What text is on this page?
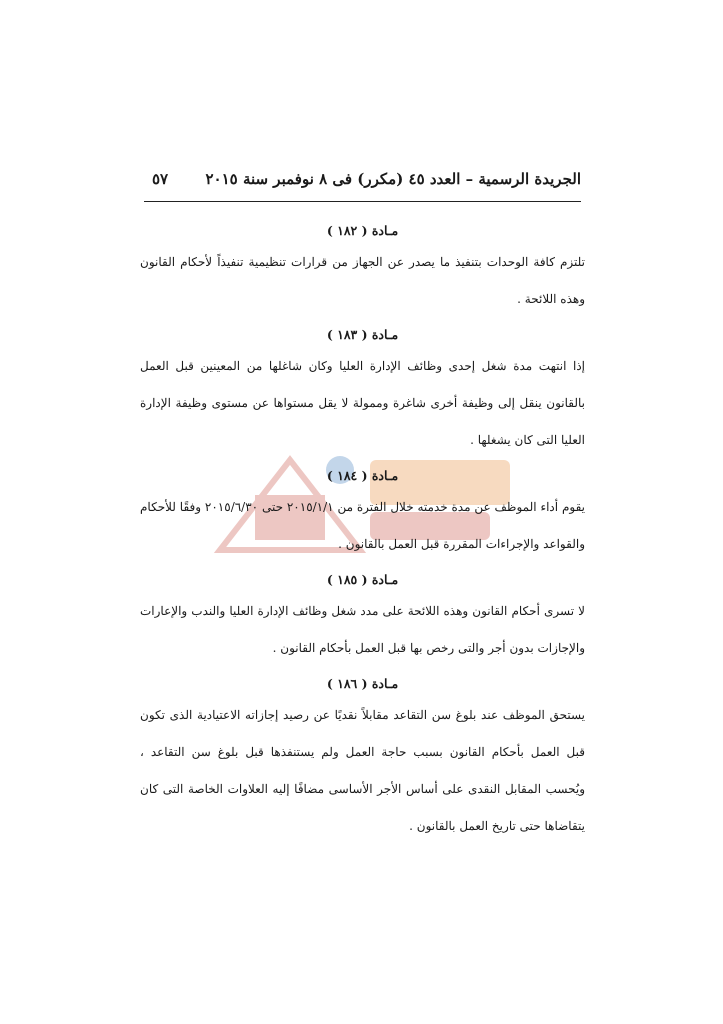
الجريدة الرسمية – العدد ٤٥ (مكرر) فى ٨ نوفمبر سنة ٢٠١٥
٥٧

مـادة ( ١٨٢ )

تلتزم كافة الوحدات بتنفيذ ما يصدر عن الجهاز من قرارات تنظيمية تنفيذاً لأحكام القانون وهذه اللائحة .

مـادة ( ١٨٣ )

إذا انتهت مدة شغل إحدى وظائف الإدارة العليا وكان شاغلها من المعينين قبل العمل بالقانون ينقل إلى وظيفة أخرى شاغرة وممولة لا يقل مستواها عن مستوى وظيفة الإدارة العليا التى كان يشغلها .

مـادة ( ١٨٤ )

يقوم أداء الموظف عن مدة خدمته خلال الفترة من ٢٠١٥/١/١ حتى ٢٠١٥/٦/٣٠ وفقًا للأحكام والقواعد والإجراءات المقررة قبل العمل بالقانون .

مـادة ( ١٨٥ )

لا تسرى أحكام القانون وهذه اللائحة على مدد شغل وظائف الإدارة العليا والندب والإعارات والإجازات بدون أجر والتى رخص بها قبل العمل بأحكام القانون .

مـادة ( ١٨٦ )

يستحق الموظف عند بلوغ سن التقاعد مقابلاً نقديًا عن رصيد إجازاته الاعتيادية الذى تكون قبل العمل بأحكام القانون بسبب حاجة العمل ولم يستنفذها قبل بلوغ سن التقاعد ، ويُحسب المقابل النقدى على أساس الأجر الأساسى مضافًا إليه العلاوات الخاصة التى كان يتقاضاها حتى تاريخ العمل بالقانون .
